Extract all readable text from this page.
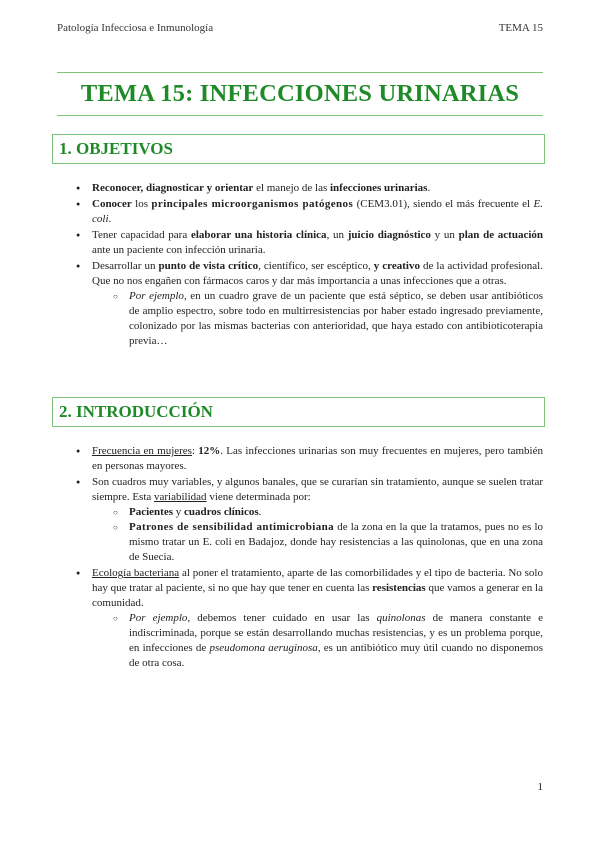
Patología Infecciosa e Inmunología	TEMA 15
TEMA 15: INFECCIONES URINARIAS
1. OBJETIVOS
● Reconocer, diagnosticar y orientar el manejo de las infecciones urinarias.
● Conocer los principales microorganismos patógenos (CEM3.01), siendo el más frecuente el E. coli.
● Tener capacidad para elaborar una historia clínica, un juicio diagnóstico y un plan de actuación ante un paciente con infección urinaria.
● Desarrollar un punto de vista crítico, científico, ser escéptico, y creativo de la actividad profesional. Que no nos engañen con fármacos caros y dar más importancia a unas infecciones que a otras.
○ Por ejemplo, en un cuadro grave de un paciente que está séptico, se deben usar antibióticos de amplio espectro, sobre todo en multirresistencias por haber estado ingresado previamente, colonizado por las mismas bacterias con anterioridad, que haya estado con antibioticoterapia previa…
2. INTRODUCCIÓN
● Frecuencia en mujeres: 12%. Las infecciones urinarias son muy frecuentes en mujeres, pero también en personas mayores.
● Son cuadros muy variables, y algunos banales, que se curarían sin tratamiento, aunque se suelen tratar siempre. Esta variabilidad viene determinada por:
○ Pacientes y cuadros clínicos.
○ Patrones de sensibilidad antimicrobiana de la zona en la que la tratamos, pues no es lo mismo tratar un E. coli en Badajoz, donde hay resistencias a las quinolonas, que en una zona de Suecia.
● Ecología bacteriana al poner el tratamiento, aparte de las comorbilidades y el tipo de bacteria. No solo hay que tratar al paciente, si no que hay que tener en cuenta las resistencias que vamos a generar en la comunidad.
○ Por ejemplo, debemos tener cuidado en usar las quinolonas de manera constante e indiscriminada, porque se están desarrollando muchas resistencias, y es un problema porque, en infecciones de pseudomona aeruginosa, es un antibiótico muy útil cuando no disponemos de otra cosa.
1
